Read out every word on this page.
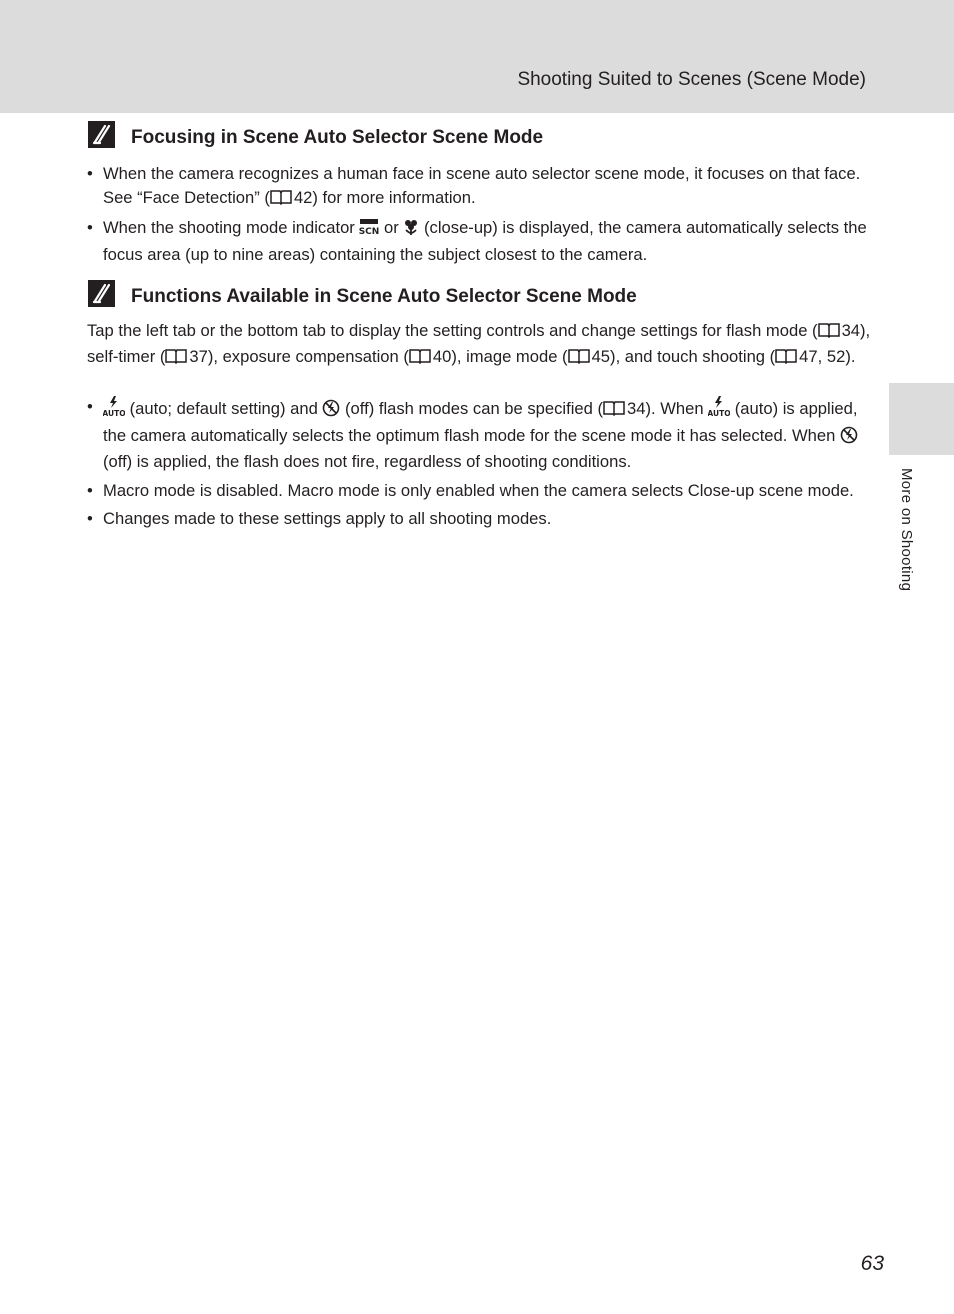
Shooting Suited to Scenes (Scene Mode)
More on Shooting
Focusing in Scene Auto Selector Scene Mode
• When the camera recognizes a human face in scene auto selector scene mode, it focuses on that face. See “Face Detection” ( 42) for more information.
• When the shooting mode indicator SCN or  (close-up) is displayed, the camera automatically selects the focus area (up to nine areas) containing the subject closest to the camera.
Functions Available in Scene Auto Selector Scene Mode
Tap the left tab or the bottom tab to display the setting controls and change settings for flash mode ( 34), self-timer ( 37), exposure compensation ( 40), image mode ( 45), and touch shooting ( 47, 52).
• AUTO (auto; default setting) and  (off) flash modes can be specified ( 34). When AUTO (auto) is applied, the camera automatically selects the optimum flash mode for the scene mode it has selected. When  (off) is applied, the flash does not fire, regardless of shooting conditions.
• Macro mode is disabled. Macro mode is only enabled when the camera selects Close-up scene mode.
• Changes made to these settings apply to all shooting modes.
63
